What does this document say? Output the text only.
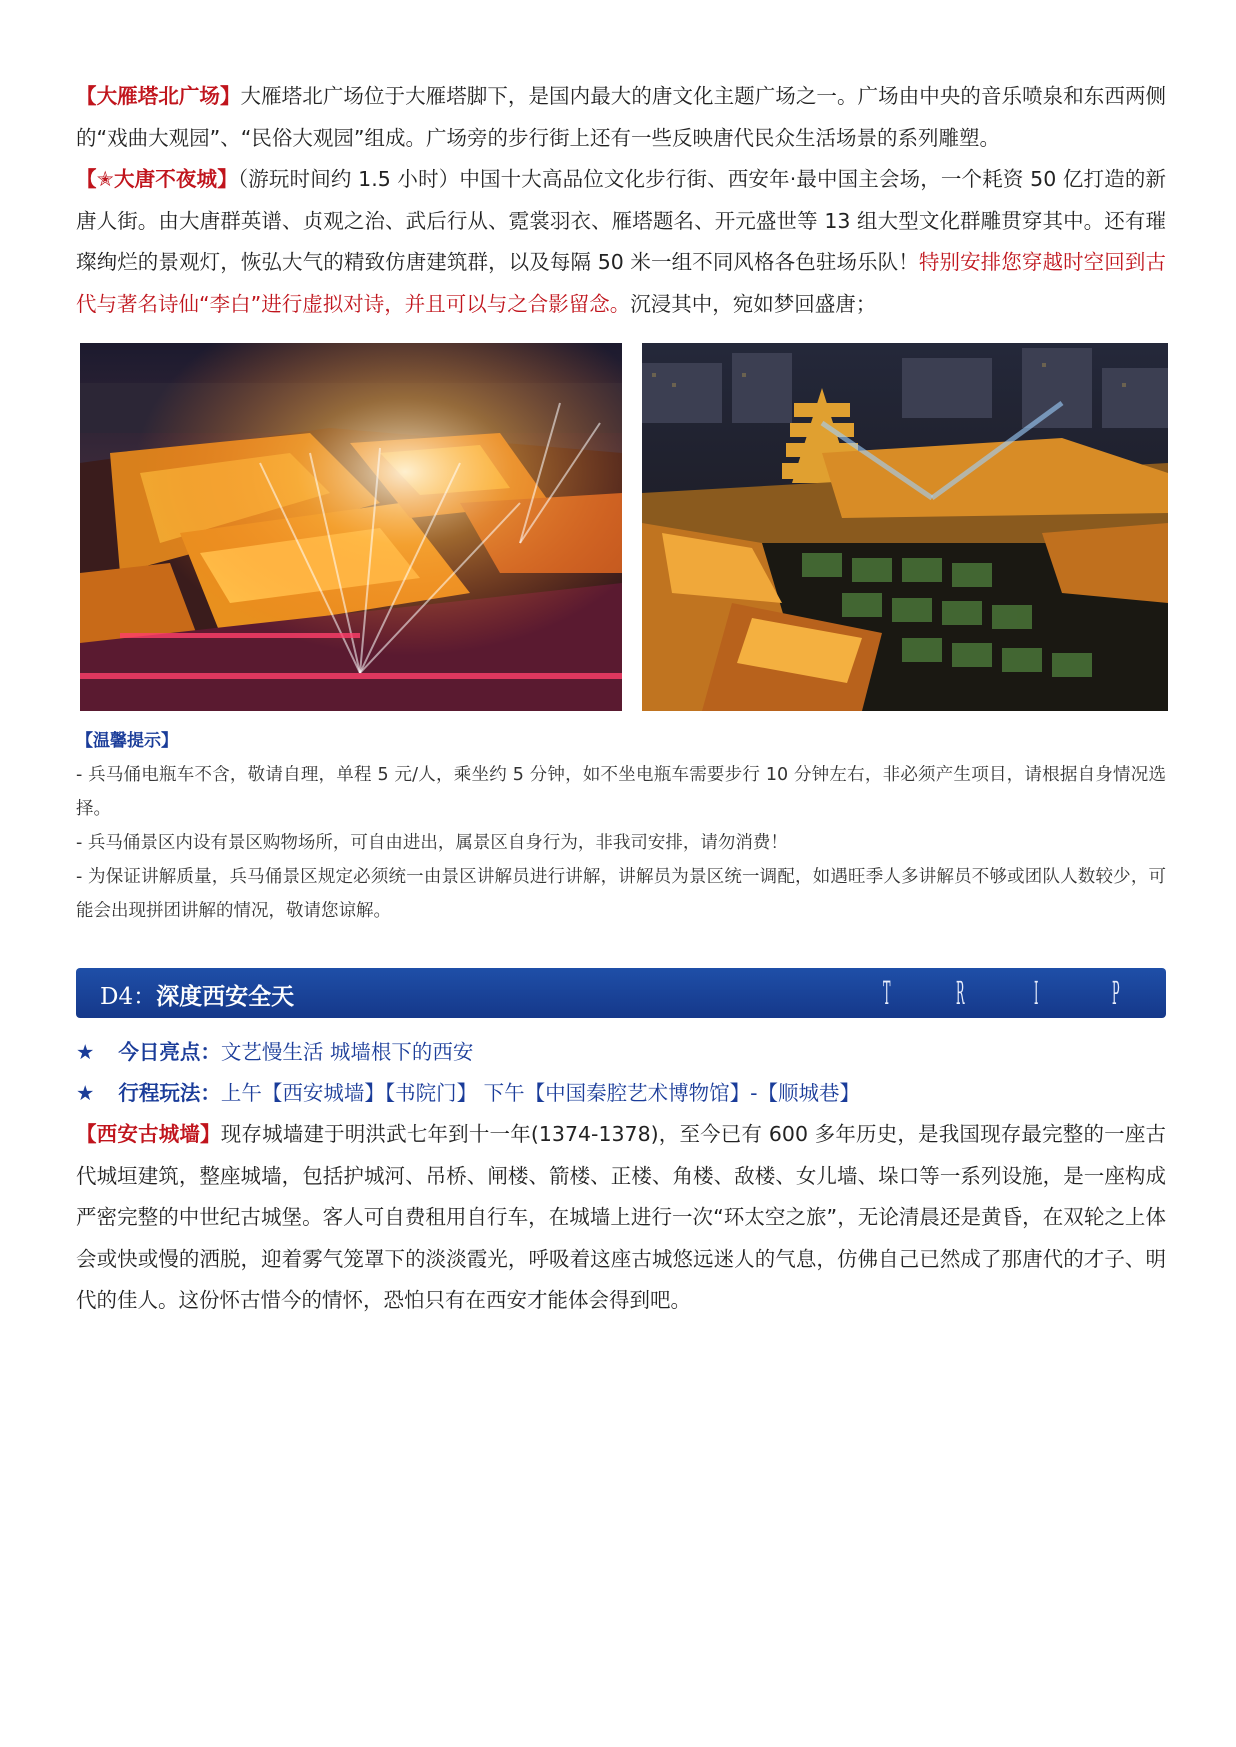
【大雁塔北广场】大雁塔北广场位于大雁塔脚下，是国内最大的唐文化主题广场之一。广场由中央的音乐喷泉和东西两侧的“戏曲大观园”、“民俗大观园”组成。广场旁的步行街上还有一些反映唐代民众生活场景的系列雕塑。

【✭大唐不夜城】（游玩时间约 1.5 小时）中国十大高品位文化步行街、西安年·最中国主会场，一个耗资 50 亿打造的新唐人街。由大唐群英谱、贞观之治、武后行从、霓裳羽衣、雁塔题名、开元盛世等 13 组大型文化群雕贯穿其中。还有璀璨绚烂的景观灯，恢弘大气的精致仿唐建筑群，以及每隔 50 米一组不同风格各色驻场乐队！特别安排您穿越时空回到古代与著名诗仙“李白”进行虚拟对诗，并且可以与之合影留念。沉浸其中，宛如梦回盛唐；

【温馨提示】

- 兵马俑电瓶车不含，敬请自理，单程 5 元/人，乘坐约 5 分钟，如不坐电瓶车需要步行 10 分钟左右，非必须产生项目，请根据自身情况选择。

- 兵马俑景区内设有景区购物场所，可自由进出，属景区自身行为，非我司安排，请勿消费！

- 为保证讲解质量，兵马俑景区规定必须统一由景区讲解员进行讲解，讲解员为景区统一调配，如遇旺季人多讲解员不够或团队人数较少，可能会出现拼团讲解的情况，敬请您谅解。

D4：深度西安全天	T R I P
★ 今日亮点：文艺慢生活 城墙根下的西安
★ 行程玩法：上午【西安城墙】【书院门】 下午【中国秦腔艺术博物馆】-【顺城巷】

【西安古城墙】现存城墙建于明洪武七年到十一年(1374-1378)，至今已有 600 多年历史，是我国现存最完整的一座古代城垣建筑，整座城墙，包括护城河、吊桥、闸楼、箭楼、正楼、角楼、敌楼、女儿墙、垛口等一系列设施，是一座构成严密完整的中世纪古城堡。客人可自费租用自行车，在城墙上进行一次“环太空之旅”，无论清晨还是黄昏，在双轮之上体会或快或慢的洒脱，迎着雾气笼罩下的淡淡霞光，呼吸着这座古城悠远迷人的气息，仿佛自己已然成了那唐代的才子、明代的佳人。这份怀古惜今的情怀，恐怕只有在西安才能体会得到吧。
